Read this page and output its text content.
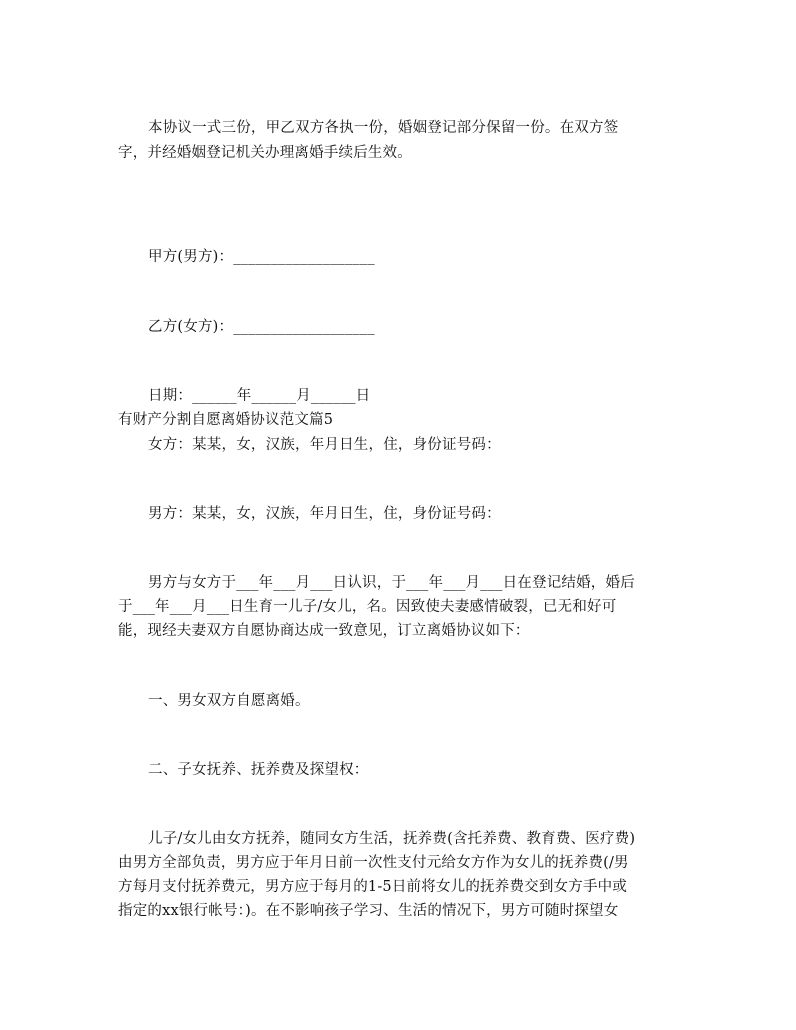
本协议一式三份，甲乙双方各执一份，婚姻登记部分保留一份。在双方签
字，并经婚姻登记机关办理离婚手续后生效。
甲方(男方)：___________________
乙方(女方)：___________________
日期：______年______月______日
有财产分割自愿离婚协议范文篇5
女方：某某，女，汉族，年月日生，住，身份证号码：
男方：某某，女，汉族，年月日生，住，身份证号码：
男方与女方于___年___月___日认识，于___年___月___日在登记结婚，婚后
于___年___月___日生育一儿子/女儿，名。因致使夫妻感情破裂，已无和好可
能，现经夫妻双方自愿协商达成一致意见，订立离婚协议如下：
一、男女双方自愿离婚。
二、子女抚养、抚养费及探望权：
儿子/女儿由女方抚养，随同女方生活，抚养费(含托养费、教育费、医疗费)
由男方全部负责，男方应于年月日前一次性支付元给女方作为女儿的抚养费(/男
方每月支付抚养费元，男方应于每月的1-5日前将女儿的抚养费交到女方手中或
指定的xx银行帐号：)。在不影响孩子学习、生活的情况下，男方可随时探望女
